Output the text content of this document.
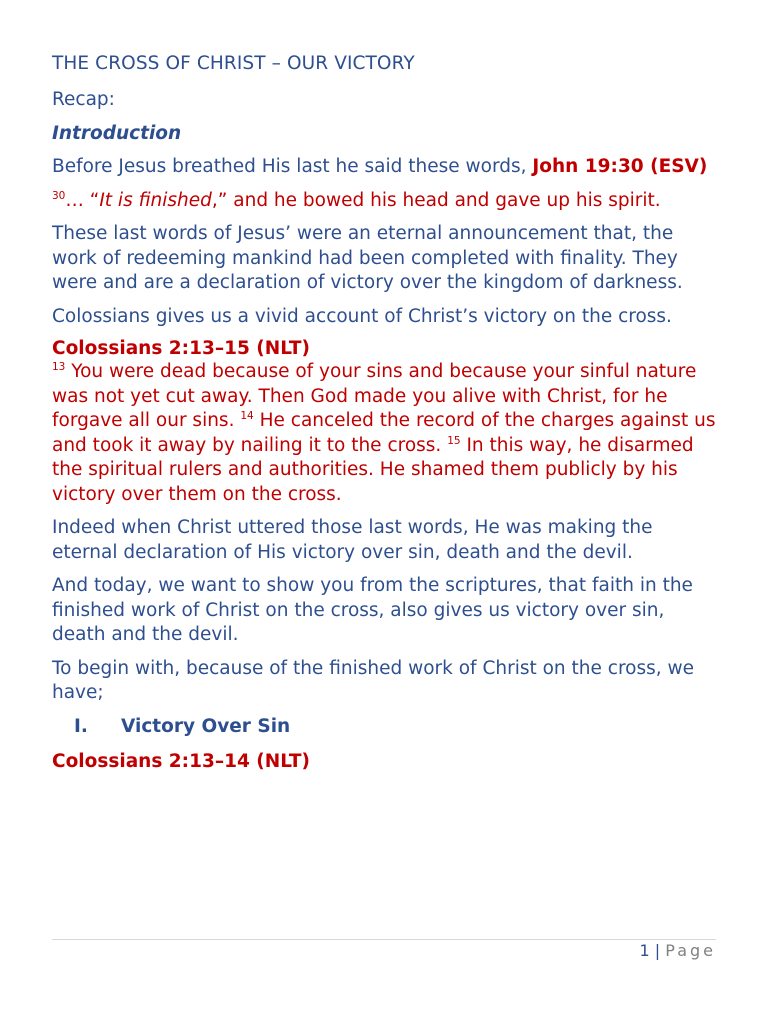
THE CROSS OF CHRIST – OUR VICTORY
Recap:
Introduction

Before Jesus breathed His last he said these words, John 19:30 (ESV)

$^{30}$… “It is finished,” and he bowed his head and gave up his spirit.

These last words of Jesus’ were an eternal announcement that, the work of redeeming mankind had been completed with finality. They were and are a declaration of victory over the kingdom of darkness.

Colossians gives us a vivid account of Christ’s victory on the cross.

Colossians 2:13–15 (NLT)

$^{13}$ You were dead because of your sins and because your sinful nature was not yet cut away. Then God made you alive with Christ, for he forgave all our sins. $^{14}$ He canceled the record of the charges against us and took it away by nailing it to the cross. $^{15}$ In this way, he disarmed the spiritual rulers and authorities. He shamed them publicly by his victory over them on the cross.

Indeed when Christ uttered those last words, He was making the eternal declaration of His victory over sin, death and the devil.

And today, we want to show you from the scriptures, that faith in the finished work of Christ on the cross, also gives us victory over sin, death and the devil.

To begin with, because of the finished work of Christ on the cross, we have;

I.	Victory Over Sin
Colossians 2:13–14 (NLT)
1 | Page
